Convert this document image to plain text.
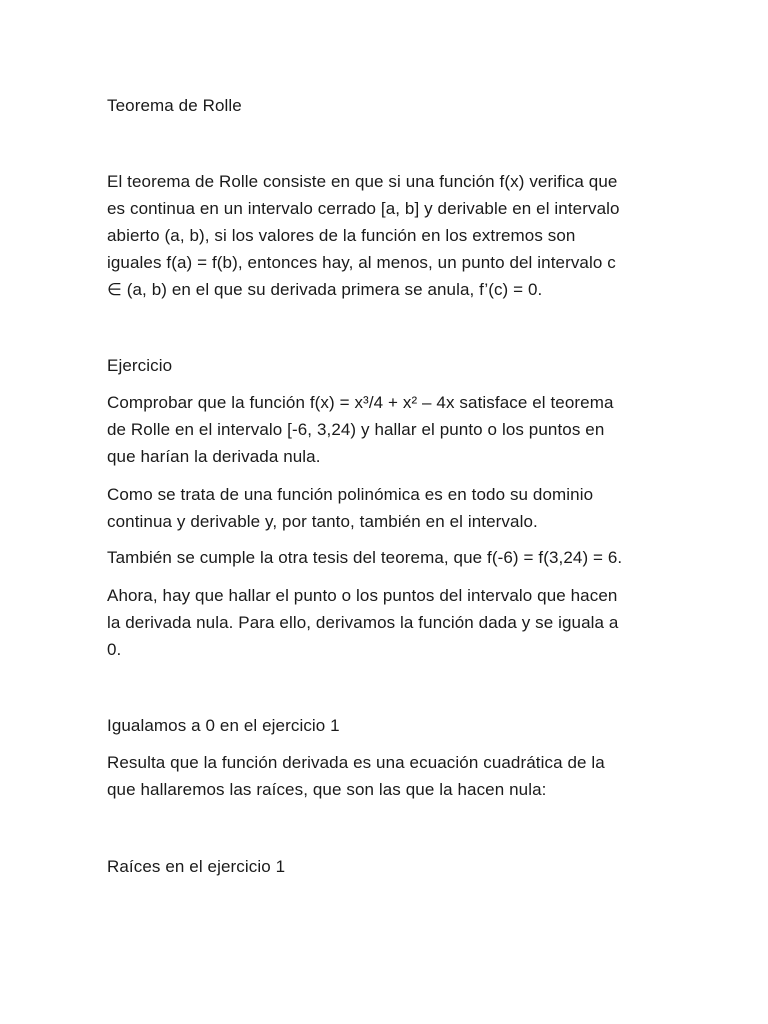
Teorema de Rolle
El teorema de Rolle consiste en que si una función f(x) verifica que
es continua en un intervalo cerrado [a, b] y derivable en el intervalo
abierto (a, b), si los valores de la función en los extremos son
iguales f(a) = f(b), entonces hay, al menos, un punto del intervalo c
∈ (a, b) en el que su derivada primera se anula, f’(c) = 0.
Ejercicio
Comprobar que la función f(x) = x³/4 + x² – 4x satisface el teorema
de Rolle en el intervalo [-6, 3,24) y hallar el punto o los puntos en
que harían la derivada nula.
Como se trata de una función polinómica es en todo su dominio
continua y derivable y, por tanto, también en el intervalo.
También se cumple la otra tesis del teorema, que f(-6) = f(3,24) = 6.
Ahora, hay que hallar el punto o los puntos del intervalo que hacen
la derivada nula. Para ello, derivamos la función dada y se iguala a
0.
Igualamos a 0 en el ejercicio 1
Resulta que la función derivada es una ecuación cuadrática de la
que hallaremos las raíces, que son las que la hacen nula:
Raíces en el ejercicio 1
